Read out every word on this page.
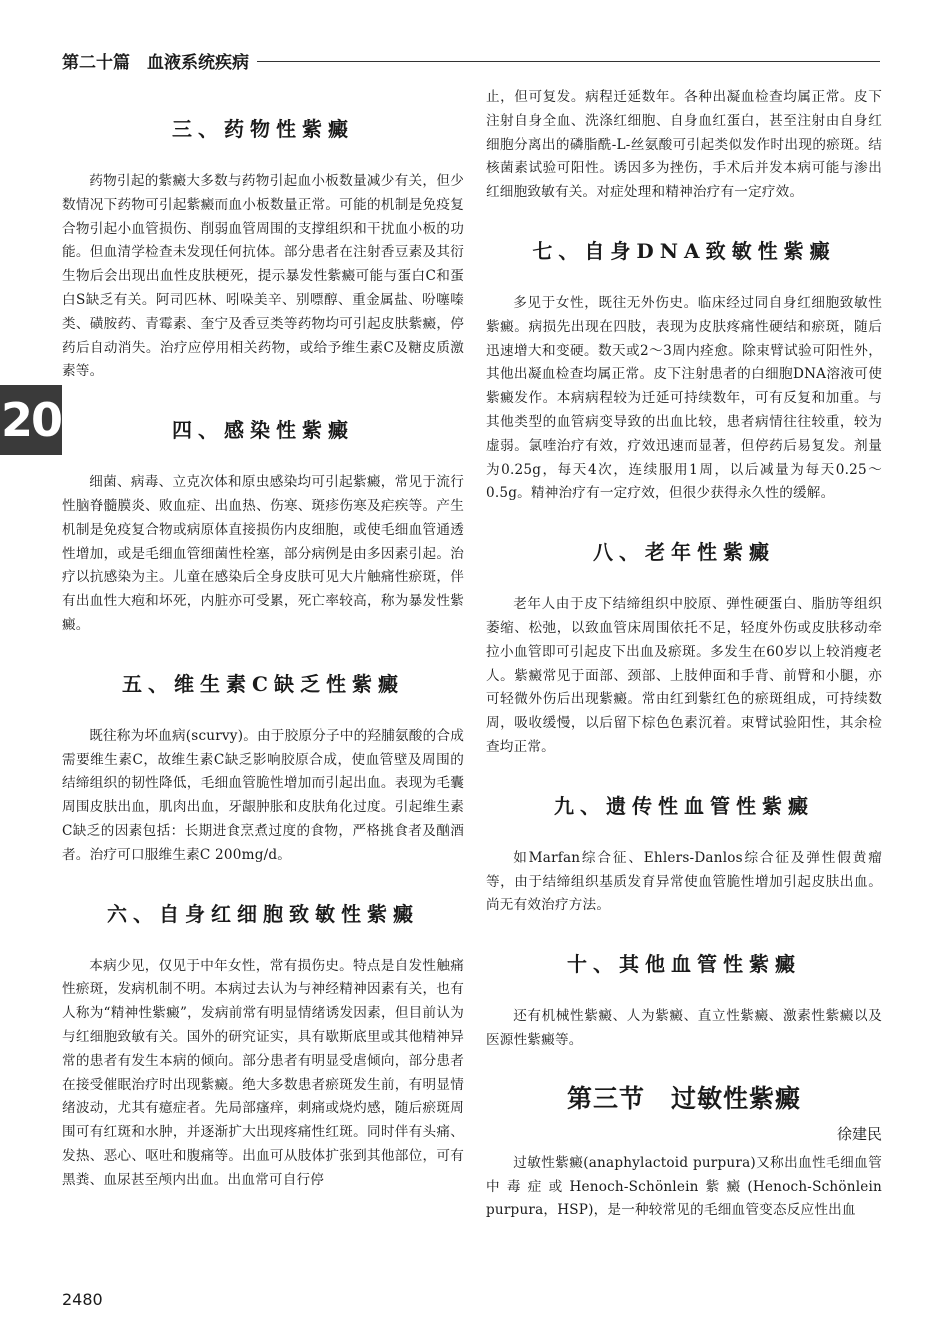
第二十篇　血液系统疾病
20
三、药物性紫癜

药物引起的紫癜大多数与药物引起血小板数量减少有关，但少数情况下药物可引起紫癜而血小板数量正常。可能的机制是免疫复合物引起小血管损伤、削弱血管周围的支撑组织和干扰血小板的功能。但血清学检查未发现任何抗体。部分患者在注射香豆素及其衍生物后会出现出血性皮肤梗死，提示暴发性紫癜可能与蛋白C和蛋白S缺乏有关。阿司匹林、吲哚美辛、别嘌醇、重金属盐、吩噻嗪类、磺胺药、青霉素、奎宁及香豆类等药物均可引起皮肤紫癜，停药后自动消失。治疗应停用相关药物，或给予维生素C及糖皮质激素等。

四、感染性紫癜

细菌、病毒、立克次体和原虫感染均可引起紫癜，常见于流行性脑脊髓膜炎、败血症、出血热、伤寒、斑疹伤寒及疟疾等。产生机制是免疫复合物或病原体直接损伤内皮细胞，或使毛细血管通透性增加，或是毛细血管细菌性栓塞，部分病例是由多因素引起。治疗以抗感染为主。儿童在感染后全身皮肤可见大片触痛性瘀斑，伴有出血性大疱和坏死，内脏亦可受累，死亡率较高，称为暴发性紫癜。

五、维生素C缺乏性紫癜

既往称为坏血病(scurvy)。由于胶原分子中的羟脯氨酸的合成需要维生素C，故维生素C缺乏影响胶原合成，使血管壁及周围的结缔组织的韧性降低，毛细血管脆性增加而引起出血。表现为毛囊周围皮肤出血，肌肉出血，牙龈肿胀和皮肤角化过度。引起维生素C缺乏的因素包括：长期进食烹煮过度的食物，严格挑食者及酗酒者。治疗可口服维生素C 200mg/d。

六、自身红细胞致敏性紫癜

本病少见，仅见于中年女性，常有损伤史。特点是自发性触痛性瘀斑，发病机制不明。本病过去认为与神经精神因素有关，也有人称为“精神性紫癜”，发病前常有明显情绪诱发因素，但目前认为与红细胞致敏有关。国外的研究证实，具有歇斯底里或其他精神异常的患者有发生本病的倾向。部分患者有明显受虐倾向，部分患者在接受催眠治疗时出现紫癜。绝大多数患者瘀斑发生前，有明显情绪波动，尤其有癔症者。先局部瘙痒，刺痛或烧灼感，随后瘀斑周围可有红斑和水肿，并逐渐扩大出现疼痛性红斑。同时伴有头痛、发热、恶心、呕吐和腹痛等。出血可从肢体扩张到其他部位，可有黑粪、血尿甚至颅内出血。出血常可自行停

止，但可复发。病程迁延数年。各种出凝血检查均属正常。皮下注射自身全血、洗涤红细胞、自身血红蛋白，甚至注射由自身红细胞分离出的磷脂酰-L-丝氨酸可引起类似发作时出现的瘀斑。结核菌素试验可阳性。诱因多为挫伤，手术后并发本病可能与渗出红细胞致敏有关。对症处理和精神治疗有一定疗效。

七、自身DNA致敏性紫癜

多见于女性，既往无外伤史。临床经过同自身红细胞致敏性紫癜。病损先出现在四肢，表现为皮肤疼痛性硬结和瘀斑，随后迅速增大和变硬。数天或2～3周内痊愈。除束臂试验可阳性外，其他出凝血检查均属正常。皮下注射患者的白细胞DNA溶液可使紫癜发作。本病病程较为迁延可持续数年，可有反复和加重。与其他类型的血管病变导致的出血比较，患者病情往往较重，较为虚弱。氯喹治疗有效，疗效迅速而显著，但停药后易复发。剂量为0.25g，每天4次，连续服用1周，以后减量为每天0.25～0.5g。精神治疗有一定疗效，但很少获得永久性的缓解。

八、老年性紫癜

老年人由于皮下结缔组织中胶原、弹性硬蛋白、脂肪等组织萎缩、松弛，以致血管床周围依托不足，轻度外伤或皮肤移动牵拉小血管即可引起皮下出血及瘀斑。多发生在60岁以上较消瘦老人。紫癜常见于面部、颈部、上肢伸面和手背、前臂和小腿，亦可轻微外伤后出现紫癜。常由红到紫红色的瘀斑组成，可持续数周，吸收缓慢，以后留下棕色色素沉着。束臂试验阳性，其余检查均正常。

九、遗传性血管性紫癜

如Marfan综合征、Ehlers-Danlos综合征及弹性假黄瘤等，由于结缔组织基质发育异常使血管脆性增加引起皮肤出血。尚无有效治疗方法。

十、其他血管性紫癜

还有机械性紫癜、人为紫癜、直立性紫癜、激素性紫癜以及医源性紫癜等。

第三节　过敏性紫癜

徐建民

过敏性紫癜(anaphylactoid purpura)又称出血性毛细血管中毒症或Henoch-Schönlein紫癜(Henoch-Schönlein purpura，HSP)，是一种较常见的毛细血管变态反应性出血

2480
